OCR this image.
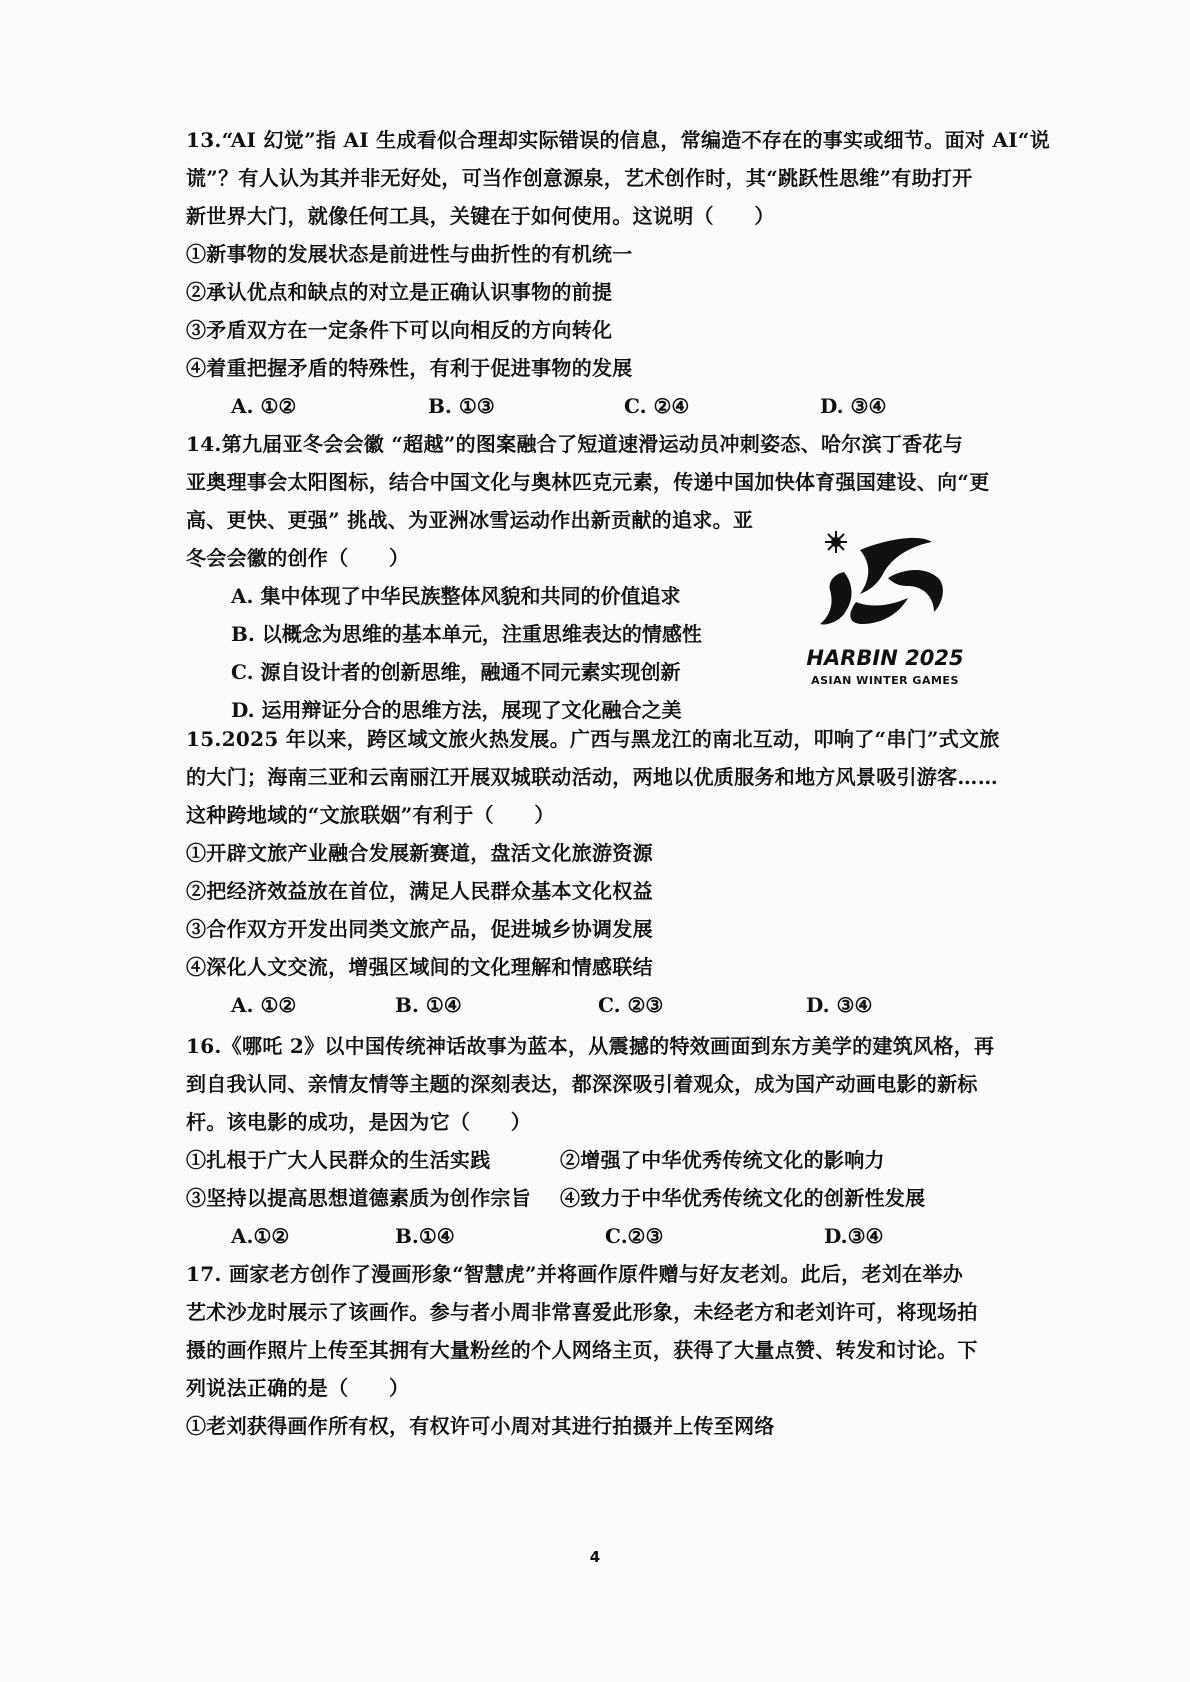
13.“AI 幻觉”指 AI 生成看似合理却实际错误的信息，常编造不存在的事实或细节。面对 AI“说
谎”？有人认为其并非无好处，可当作创意源泉，艺术创作时，其“跳跃性思维”有助打开
新世界大门，就像任何工具，关键在于如何使用。这说明（　　）
①新事物的发展状态是前进性与曲折性的有机统一
②承认优点和缺点的对立是正确认识事物的前提
③矛盾双方在一定条件下可以向相反的方向转化
④着重把握矛盾的特殊性，有利于促进事物的发展
A. ①②	B. ①③	C. ②④	D. ③④
14.第九届亚冬会会徽 “超越”的图案融合了短道速滑运动员冲刺姿态、哈尔滨丁香花与
亚奥理事会太阳图标，结合中国文化与奥林匹克元素，传递中国加快体育强国建设、向“更
高、更快、更强” 挑战、为亚洲冰雪运动作出新贡献的追求。亚
冬会会徽的创作（　　）
A. 集中体现了中华民族整体风貌和共同的价值追求
B. 以概念为思维的基本单元，注重思维表达的情感性
C. 源自设计者的创新思维，融通不同元素实现创新
D. 运用辩证分合的思维方法，展现了文化融合之美
HARBIN 2025
ASIAN WINTER GAMES
15.2025 年以来，跨区域文旅火热发展。广西与黑龙江的南北互动，叩响了“串门”式文旅
的大门；海南三亚和云南丽江开展双城联动活动，两地以优质服务和地方风景吸引游客……
这种跨地域的“文旅联姻”有利于（　　）
①开辟文旅产业融合发展新赛道，盘活文化旅游资源
②把经济效益放在首位，满足人民群众基本文化权益
③合作双方开发出同类文旅产品，促进城乡协调发展
④深化人文交流，增强区域间的文化理解和情感联结
A. ①②	B. ①④	C. ②③	D. ③④
16.《哪吒 2》以中国传统神话故事为蓝本，从震撼的特效画面到东方美学的建筑风格，再
到自我认同、亲情友情等主题的深刻表达，都深深吸引着观众，成为国产动画电影的新标
杆。该电影的成功，是因为它（　　）
①扎根于广大人民群众的生活实践	②增强了中华优秀传统文化的影响力
③坚持以提高思想道德素质为创作宗旨 ④致力于中华优秀传统文化的创新性发展
A.①②	B.①④	C.②③	D.③④
17. 画家老方创作了漫画形象“智慧虎”并将画作原件赠与好友老刘。此后，老刘在举办
艺术沙龙时展示了该画作。参与者小周非常喜爱此形象，未经老方和老刘许可，将现场拍
摄的画作照片上传至其拥有大量粉丝的个人网络主页，获得了大量点赞、转发和讨论。下
列说法正确的是（　　）
①老刘获得画作所有权，有权许可小周对其进行拍摄并上传至网络
4
